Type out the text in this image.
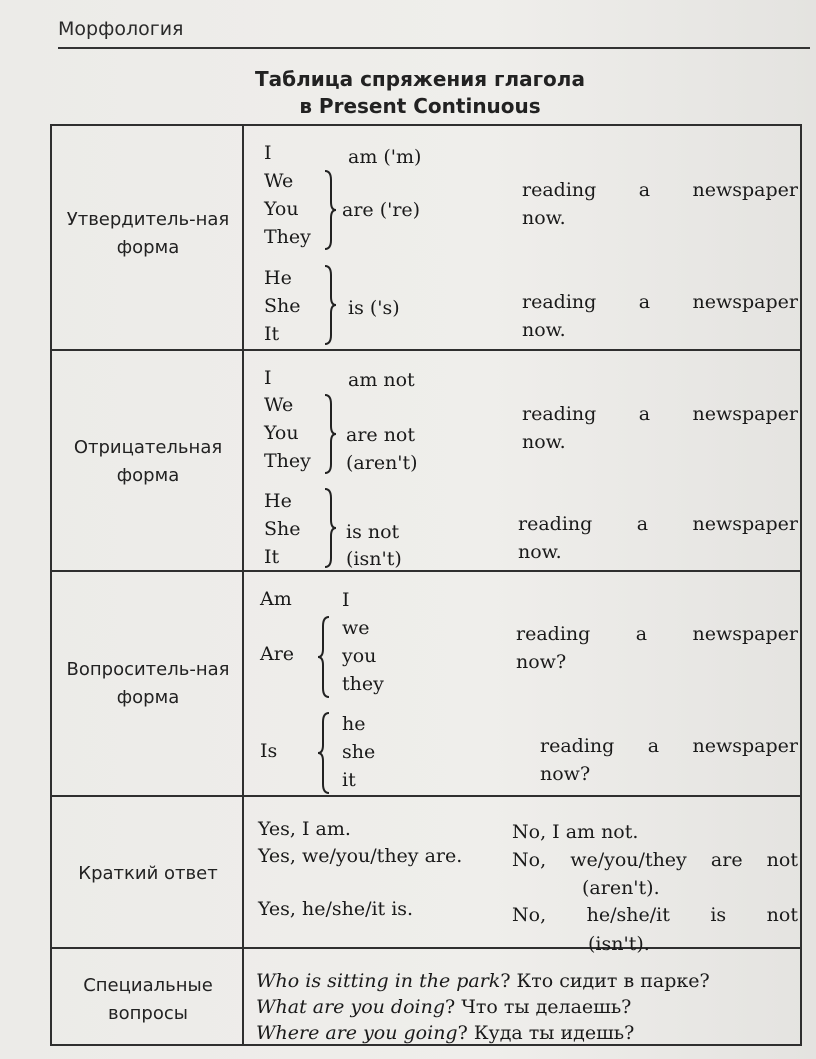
Морфология
Таблица спряжения глагола
в Present Continuous
Утвердитель-ная форма
I
We
You
They
am ('m)
are ('re)
reading a newspaper
now.
He
She
It
is ('s)	reading a newspaper
now.
Отрицательная форма
I
We
You
They
am not
are not
(aren't)
reading a newspaper
now.
He
She
It
is not
(isn't)
reading a newspaper
now.
Вопроситель-ная форма
Am	I
Are
we
you
they
reading a newspaper
now?
Is
he
she
it
reading a newspaper
now?
Краткий ответ
Yes, I am.
Yes, we/you/they are.
Yes, he/she/it is.
No, I am not.
No, we/you/they are not
(aren't).
No, he/she/it is not
(isn't).
Специальные вопросы
Who is sitting in the park? Кто сидит в парке?
What are you doing? Что ты делаешь?
Where are you going? Куда ты идешь?
